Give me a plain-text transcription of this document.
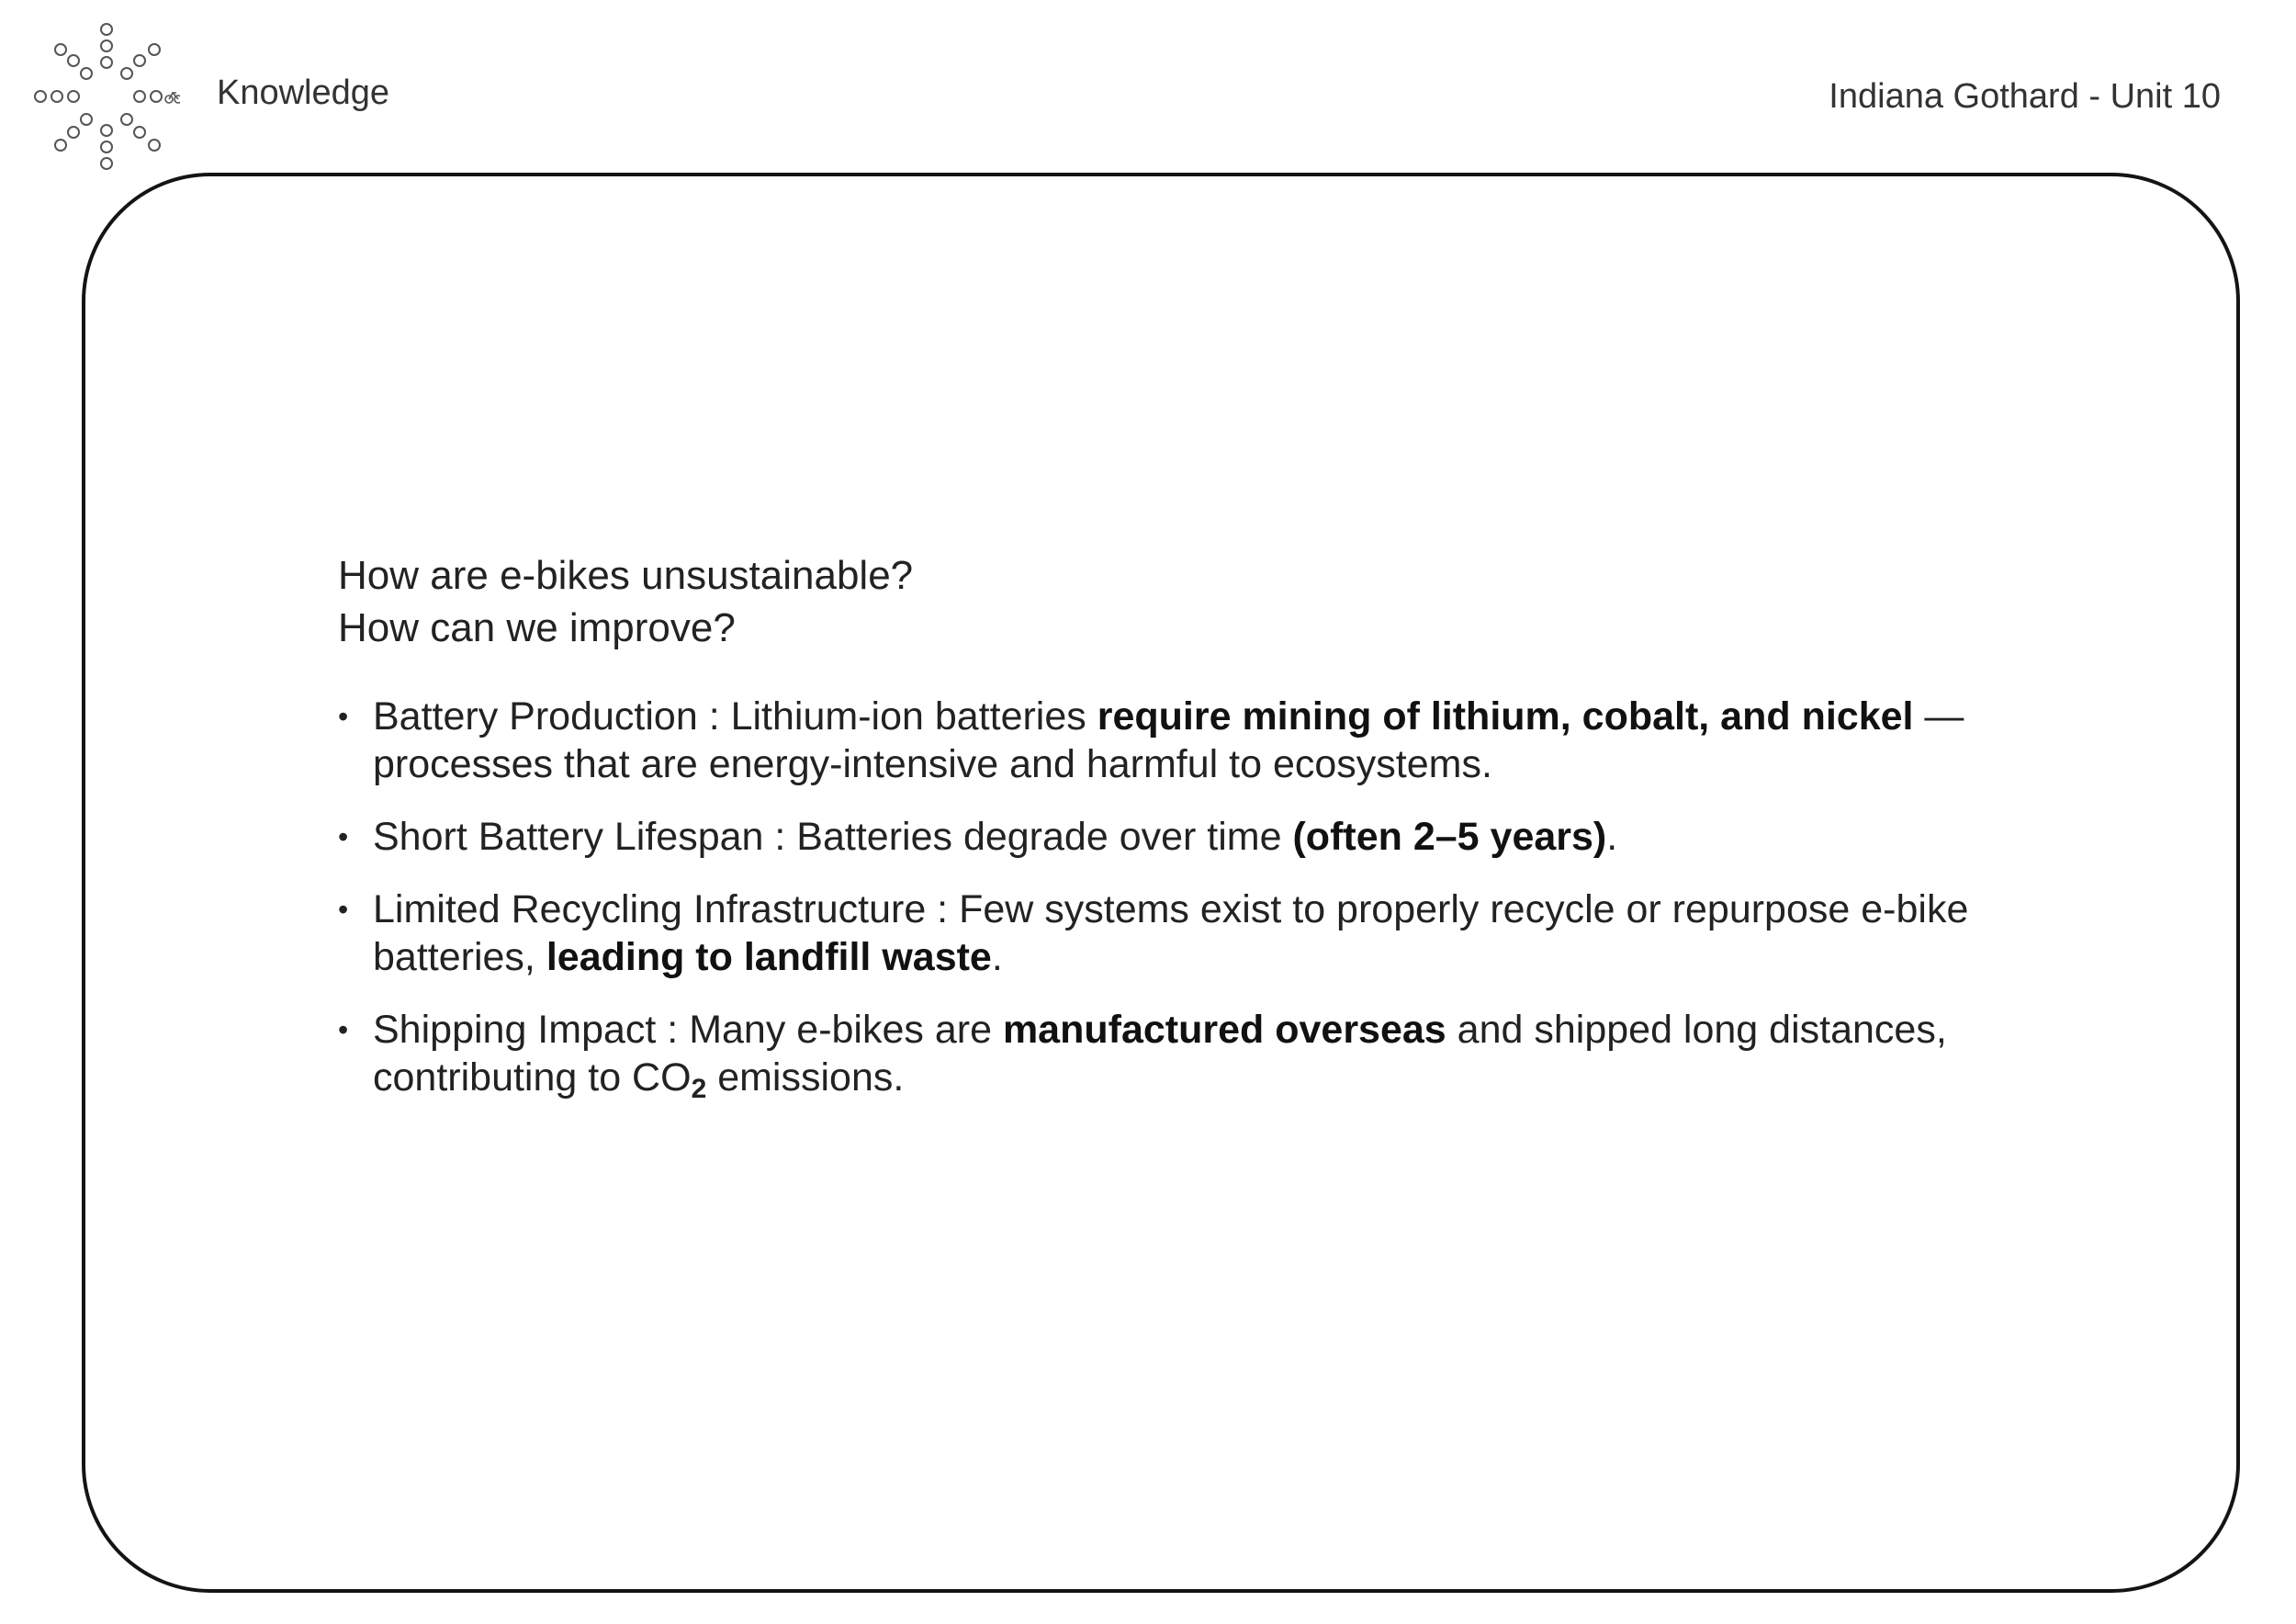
Knowledge	Indiana Gothard - Unit 10
How are e-bikes unsustainable?
How can we improve?
• Battery Production : Lithium-ion batteries require mining of lithium, cobalt, and nickel — processes that are energy-intensive and harmful to ecosystems.
• Short Battery Lifespan : Batteries degrade over time (often 2–5 years).
• Limited Recycling Infrastructure : Few systems exist to properly recycle or repurpose e-bike batteries, leading to landfill waste.
• Shipping Impact : Many e-bikes are manufactured overseas and shipped long distances, contributing to $CO_2$ emissions.
